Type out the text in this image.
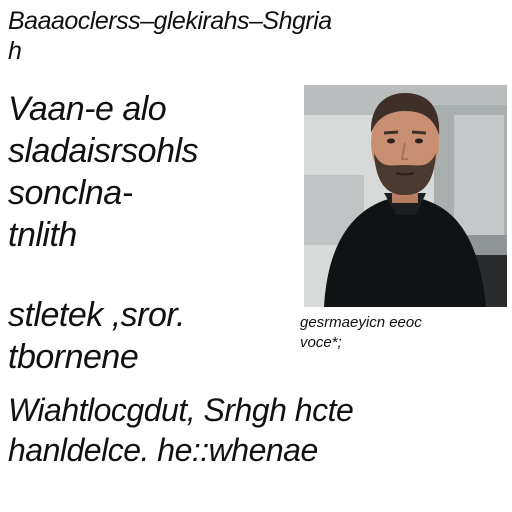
Baaaoclerss–glekirahs–Shgria
h

Vaan-e alo
sladaisrsohls
sonclna-
tnlith

gesrmaeyicn eeoc
voce*;

stletek ,sror.
tbornene

Wiahtlocgdut, Srhgh hcte
hanldelce. he::whenae
